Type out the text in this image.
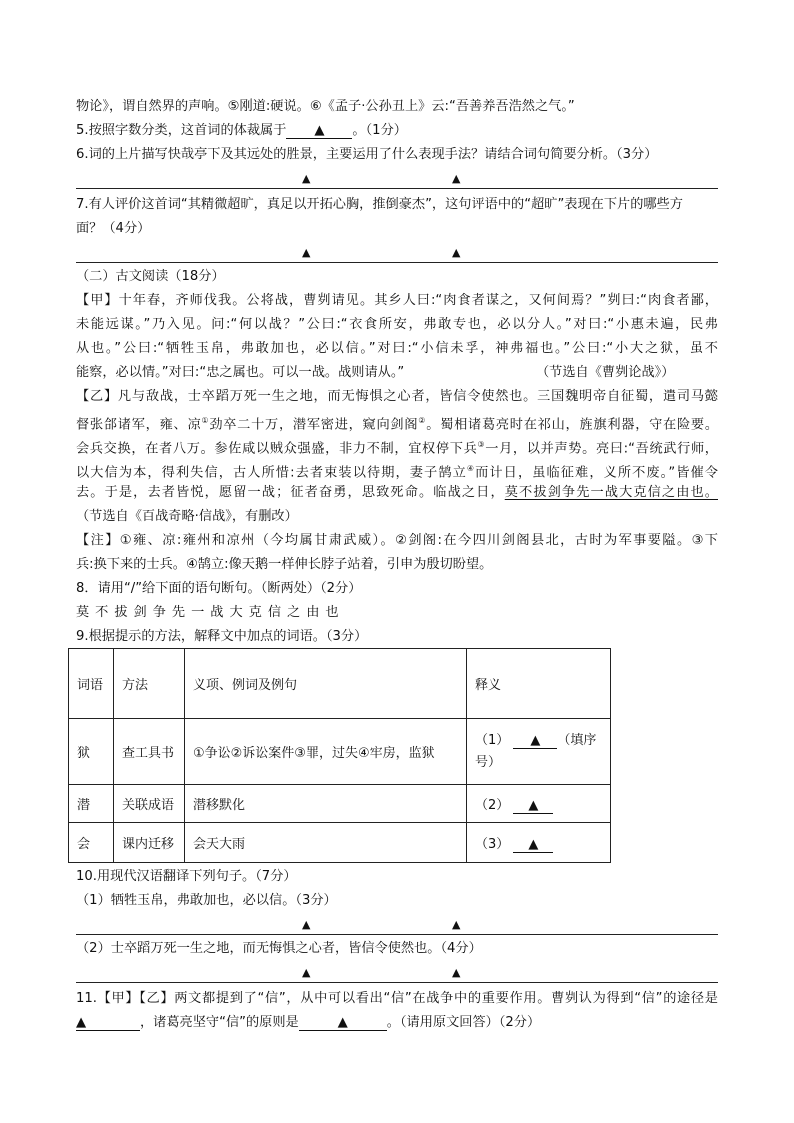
物论》，谓自然界的声响。⑤刚道:硬说。⑥《孟子·公孙丑上》云:“吾善养吾浩然之气。”
5.按照字数分类，这首词的体裁属于 ▲ 。（1分）
6.词的上片描写快哉亭下及其远处的胜景，主要运用了什么表现手法？请结合词句简要分析。（3分）
▲	▲
7.有人评价这首词“其精微超旷，真足以开拓心胸，推倒豪杰”，这句评语中的“超旷”表现在下片的哪些方
面？（4分）
▲	▲
（二）古文阅读（18分）
【甲】十年春，齐师伐我。公将战，曹刿请见。其乡人曰:“肉食者谋之，又何间焉？”刿曰:“肉食者鄙，
未能远谋。”乃入见。问:“何以战？”公曰:“衣食所安，弗敢专也，必以分人。”对曰:“小惠未遍，民弗
从也。”公曰:“牺牲玉帛，弗敢加也，必以信。”对曰:“小信未孚，神弗福也。”公曰:“小大之狱，虽不
能察，必以情。”对曰:“忠之属也。可以一战。战则请从。”	（节选自《曹刿论战》）
【乙】凡与敌战，士卒蹈万死一生之地，而无悔惧之心者，皆信令使然也。三国魏明帝自征蜀，遣司马懿
督张郃诸军，雍、凉①劲卒二十万，潜军密进，窥向剑阁②。蜀相诸葛亮时在祁山，旌旗利器，守在险要。
会兵交换，在者八万。参佐咸以贼众强盛，非力不制，宜权停下兵③一月，以并声势。亮曰:“吾统武行师，
以大信为本，得利失信，古人所惜:去者束装以待期，妻子鹄立④而计日，虽临征难，义所不废。”皆催令
去。于是，去者皆悦，愿留一战；征者奋勇，思致死命。临战之日，莫不拔剑争先一战大克信之由也。
（节选自《百战奇略·信战》，有删改）
【注】①雍、凉:雍州和凉州（今均属甘肃武威）。②剑阁:在今四川剑阁县北，古时为军事要隘。③下
兵:换下来的士兵。④鹄立:像天鹅一样伸长脖子站着，引申为殷切盼望。
8．请用“/”给下面的语句断句。（断两处）（2分）
莫不拔剑争先一战大克信之由也
9.根据提示的方法，解释文中加点的词语。（3分）
词语	方法	义项、例词及例句	释义
狱	查工具书	①争讼②诉讼案件③罪，过失④牢房，监狱	（1） ▲ （填序
号）
潜	关联成语	潜移默化	（2） ▲
会	课内迁移	会天大雨	（3） ▲
10.用现代汉语翻译下列句子。（7分）
（1）牺牲玉帛，弗敢加也，必以信。（3分）
▲	▲
（2）士卒蹈万死一生之地，而无悔惧之心者，皆信令使然也。（4分）
▲	▲
11.【甲】【乙】两文都提到了“信”，从中可以看出“信”在战争中的重要作用。曹刿认为得到“信”的途径是
▲	，诸葛亮坚守“信”的原则是	▲	。（请用原文回答）（2分）
